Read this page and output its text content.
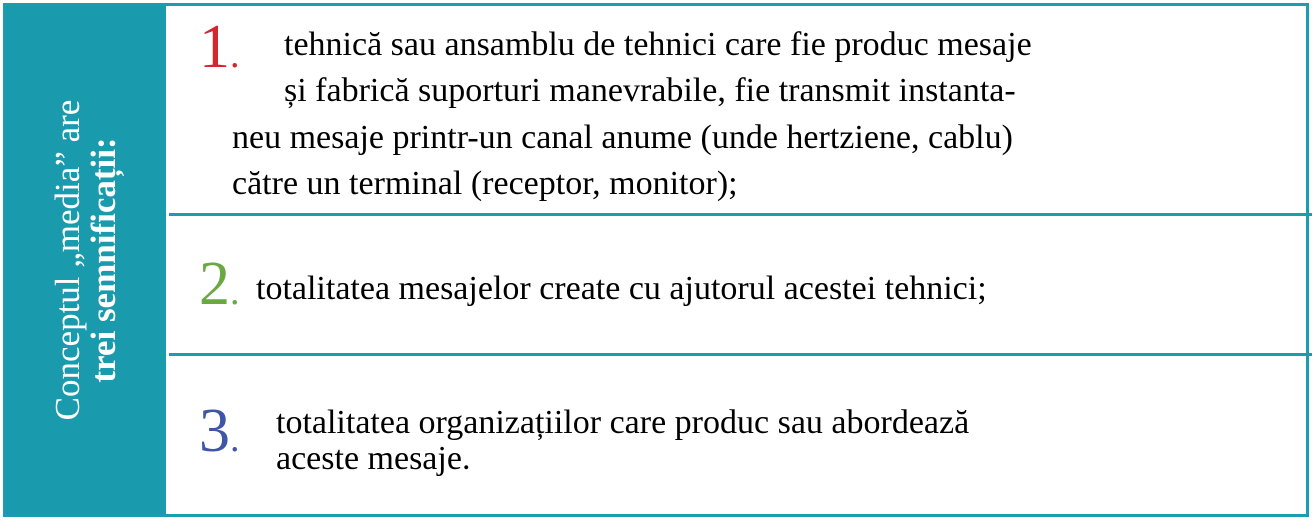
Conceptul „media” are
trei semnificații:
1. tehnică sau ansamblu de tehnici care fie produc mesaje
și fabrică suporturi manevrabile, fie transmit instanta-
neu mesaje printr-un canal anume (unde hertziene, cablu)
către un terminal (receptor, monitor);
2. totalitatea mesajelor create cu ajutorul acestei tehnici;
3. totalitatea organizațiilor care produc sau abordează
aceste mesaje.
